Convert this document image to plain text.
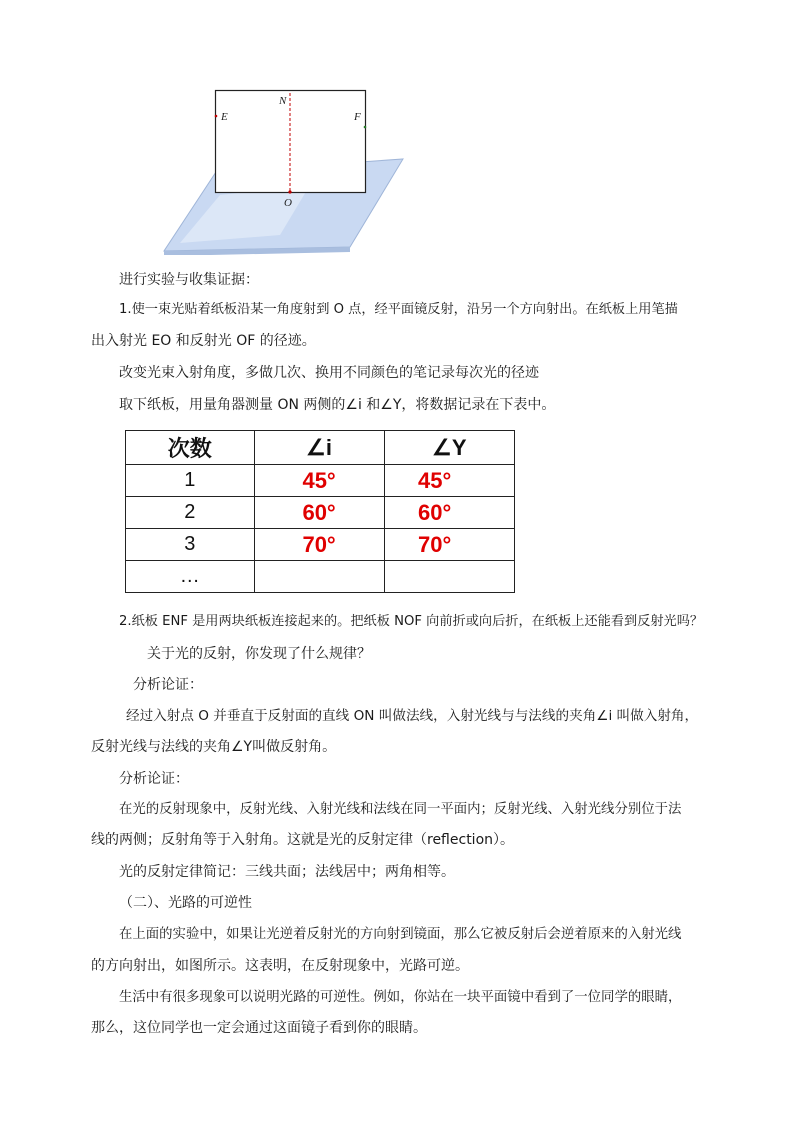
N
E	F
O
进行实验与收集证据：
1.使一束光贴着纸板沿某一角度射到 O 点，经平面镜反射，沿另一个方向射出。在纸板上用笔描
出入射光 EO 和反射光 OF 的径迹。
改变光束入射角度，多做几次、换用不同颜色的笔记录每次光的径迹
取下纸板，用量角器测量 ON 两侧的∠i 和∠Y，将数据记录在下表中。
次数	∠i	∠Y
1	45°	45°
2	60°	60°
3	70°	70°
…		
2.纸板 ENF 是用两块纸板连接起来的。把纸板 NOF 向前折或向后折，在纸板上还能看到反射光吗？
关于光的反射，你发现了什么规律？
分析论证：
经过入射点 O 并垂直于反射面的直线 ON 叫做法线，入射光线与与法线的夹角∠i 叫做入射角，
反射光线与法线的夹角∠Y叫做反射角。
分析论证：
在光的反射现象中，反射光线、入射光线和法线在同一平面内；反射光线、入射光线分别位于法
线的两侧；反射角等于入射角。这就是光的反射定律（reflection）。
光的反射定律简记：三线共面；法线居中；两角相等。
（二）、光路的可逆性
在上面的实验中，如果让光逆着反射光的方向射到镜面，那么它被反射后会逆着原来的入射光线
的方向射出，如图所示。这表明，在反射现象中，光路可逆。
生活中有很多现象可以说明光路的可逆性。例如，你站在一块平面镜中看到了一位同学的眼睛，
那么，这位同学也一定会通过这面镜子看到你的眼睛。
